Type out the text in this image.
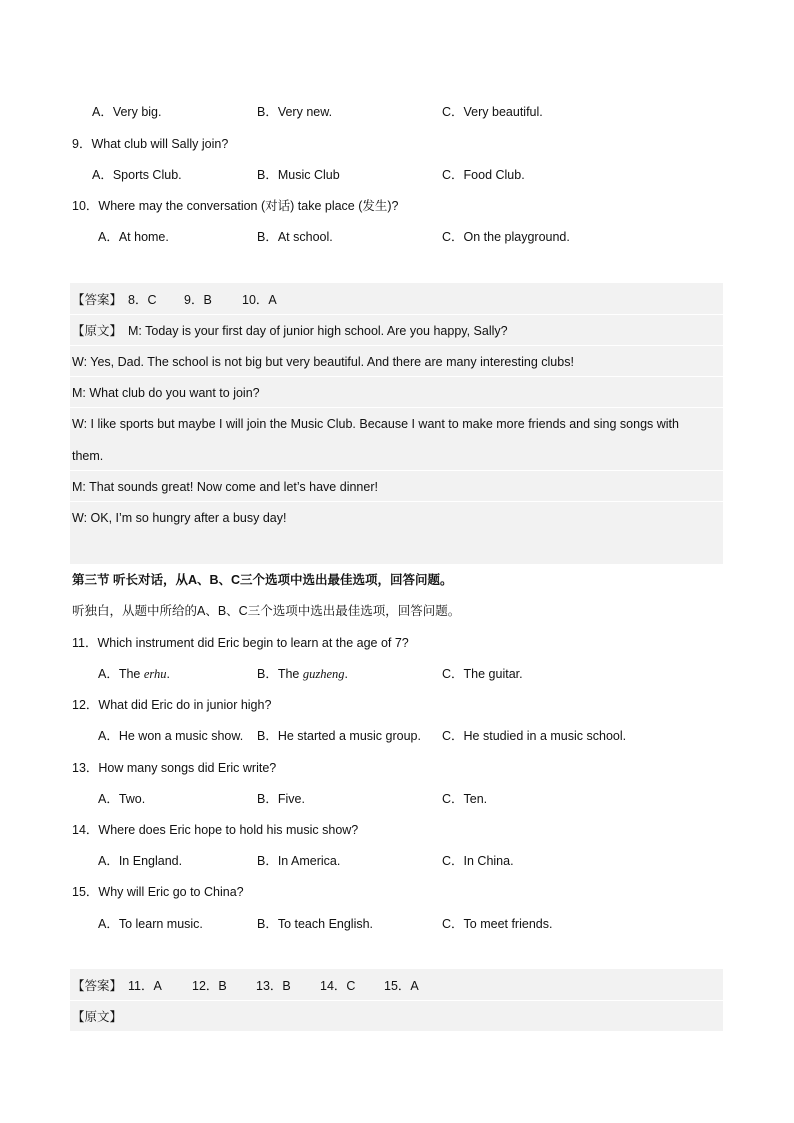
A．Very big.	B．Very new.	C．Very beautiful.
9．What club will Sally join?
A．Sports Club.	B．Music Club	C．Food Club.
10．Where may the conversation (对话) take place (发生)?
A．At home.	B．At school.	C．On the playground.
【答案】 8．C 9．B 10．A
【原文】 M: Today is your first day of junior high school. Are you happy, Sally?
W: Yes, Dad. The school is not big but very beautiful. And there are many interesting clubs!
M: What club do you want to join?
W: I like sports but maybe I will join the Music Club. Because I want to make more friends and sing songs with
them.
M: That sounds great! Now come and let’s have dinner!
W: OK, I’m so hungry after a busy day!
第三节 听长对话，从A、B、C三个选项中选出最佳选项，回答问题。
听独白，从题中所给的A、B、C三个选项中选出最佳选项，回答问题。
11．Which instrument did Eric begin to learn at the age of 7?
A．The erhu.	B．The guzheng.	C．The guitar.
12．What did Eric do in junior high?
A．He won a music show. B．He started a music group. C．He studied in a music school.
13．How many songs did Eric write?
A．Two.	B．Five.	C．Ten.
14．Where does Eric hope to hold his music show?
A．In England.	B．In America.	C．In China.
15．Why will Eric go to China?
A．To learn music.	B．To teach English.	C．To meet friends.
【答案】 11．A 12．B 13．B 14．C 15．A
【原文】
